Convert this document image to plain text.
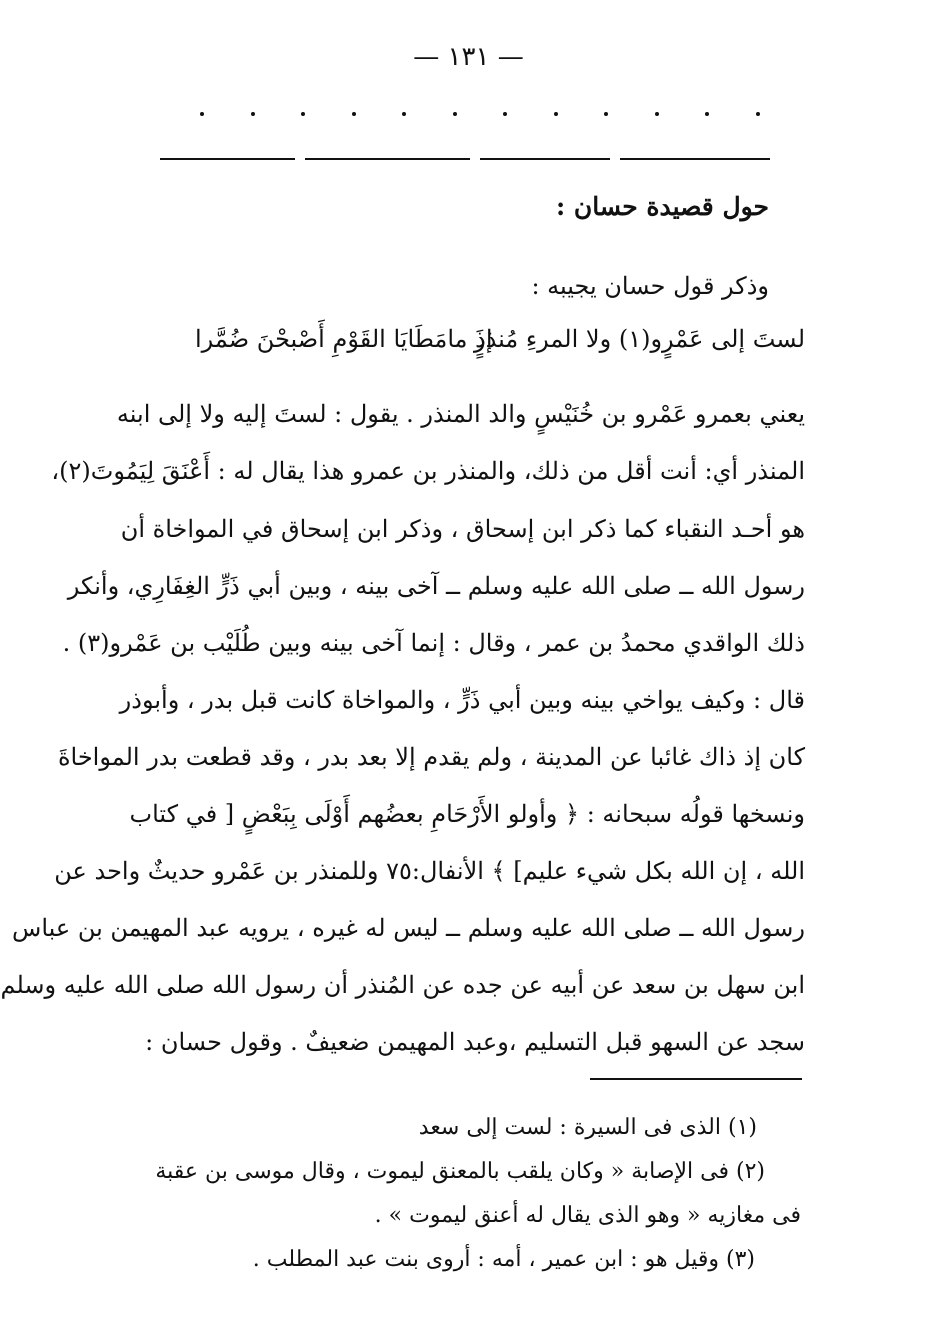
— ١٣١ —
حول قصيدة حسان :
وذكر قول حسان يجيبه :
لستَ إلى عَمْرٍو(١) ولا المرءِ مُنذرٍ
إذَ مامَطَايَا القَوْمِ أَصْبحْنَ ضُمَّرا
يعني بعمرو عَمْرو بن خُنَيْسٍ والد المنذر . يقول : لستَ إليه ولا إلى ابنه
المنذر أي: أنت أقل من ذلك، والمنذر بن عمرو هذا يقال له : أَعْنَقَ لِيَمُوتَ(٢)،
هو أحـد النقباء كما ذكر ابن إسحاق ، وذكر ابن إسحاق في المواخاة أن
رسول الله ــ صلى الله عليه وسلم ــ آخى بينه ، وبين أبي ذَرٍّ الغِفَارِي، وأنكر
ذلك الواقدي محمدُ بن عمر ، وقال : إنما آخى بينه وبين طُلَيْب بن عَمْرو(٣) .
قال : وكيف يواخي بينه وبين أبي ذَرٍّ ، والمواخاة كانت قبل بدر ، وأبوذر
كان إذ ذاك غائبا عن المدينة ، ولم يقدم إلا بعد بدر ، وقد قطعت بدر المواخاةَ
ونسخها قولُه سبحانه : ﴿ وأولو الأَرْحَامِ بعضُهم أَوْلَى بِبَعْضٍ [ في كتاب
الله ، إن الله بكل شيء عليم] ﴾ الأنفال:٧٥ وللمنذر بن عَمْرو حديثٌ واحد عن
رسول الله ــ صلى الله عليه وسلم ــ ليس له غيره ، يرويه عبد المهيمن بن عباس
ابن سهل بن سعد عن أبيه عن جده عن المُنذر أن رسول الله صلى الله عليه وسلم
سجد عن السهو قبل التسليم ،وعبد المهيمن ضعيفٌ . وقول حسان :
(١) الذى فى السيرة : لست إلى سعد
(٢) فى الإصابة « وكان يلقب بالمعنق ليموت ، وقال موسى بن عقبة
فى مغازيه « وهو الذى يقال له أعنق ليموت » .
(٣) وقيل هو : ابن عمير ، أمه : أروى بنت عبد المطلب .
